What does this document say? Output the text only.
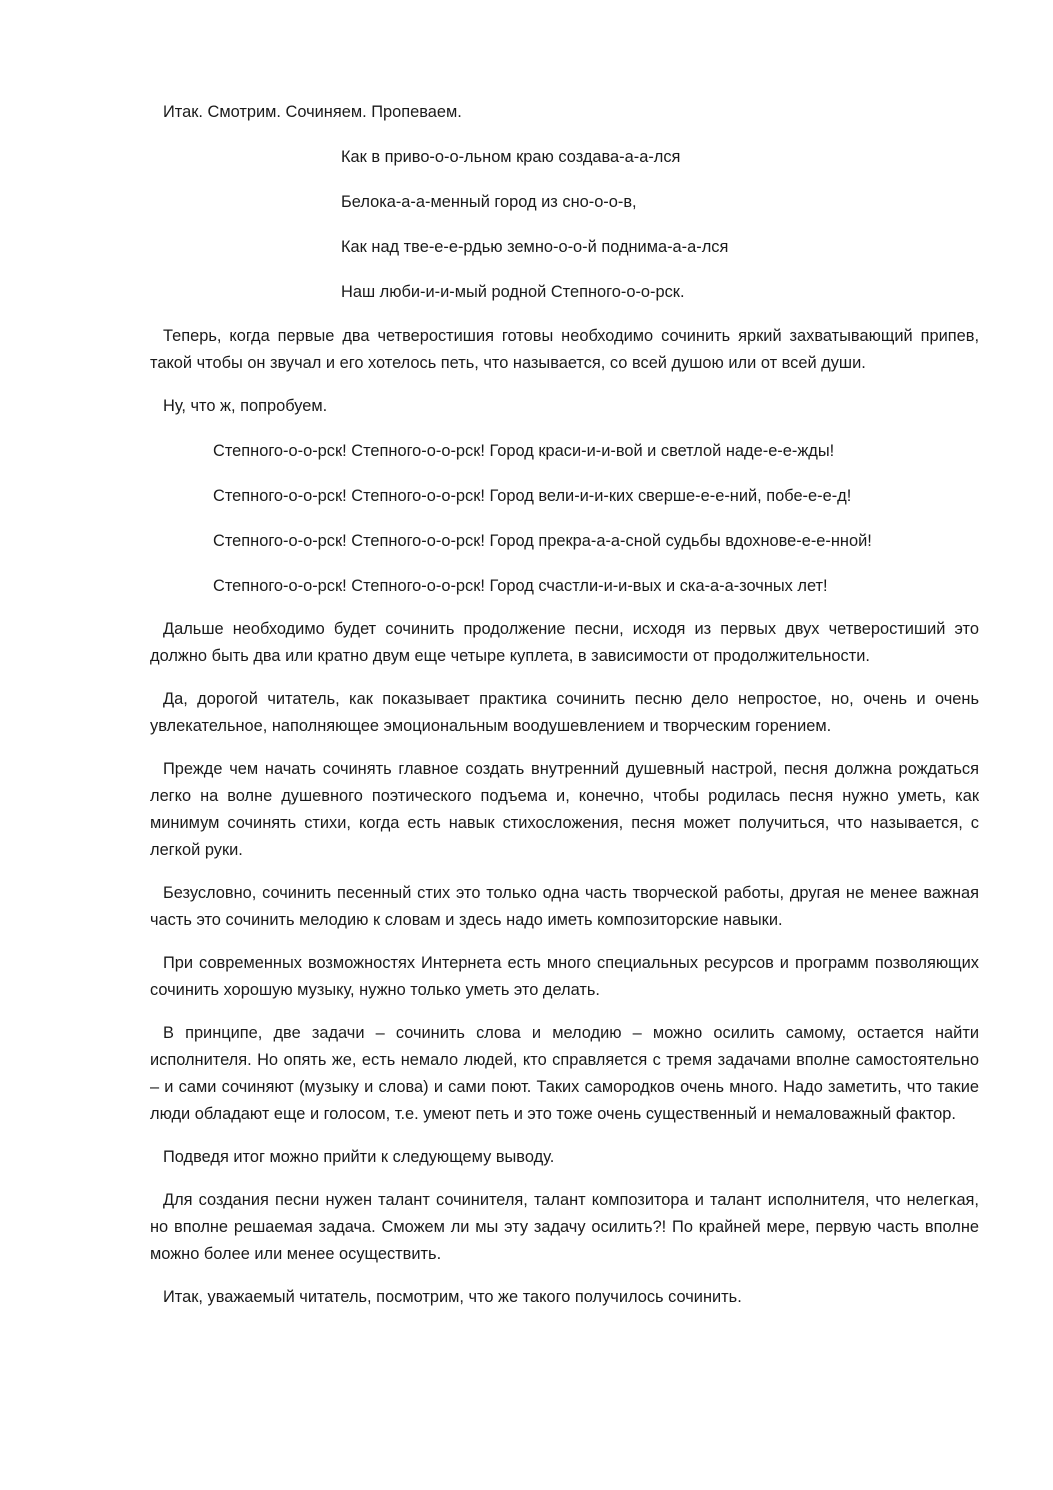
Итак. Смотрим. Сочиняем. Пропеваем.

Как в приво-о-о-льном краю создава-а-а-лся
Белока-а-а-менный город из сно-о-о-в,
Как над тве-е-е-рдью земно-о-о-й поднима-а-а-лся
Наш люби-и-и-мый родной Степного-о-о-рск.

Теперь, когда первые два четверостишия готовы необходимо сочинить яркий захватывающий припев, такой чтобы он звучал и его хотелось петь, что называется, со всей душою или от всей души.

Ну, что ж, попробуем.

Степного-о-о-рск! Степного-о-о-рск! Город краси-и-и-вой и светлой наде-е-е-жды!
Степного-о-о-рск! Степного-о-о-рск! Город вели-и-и-ких сверше-е-е-ний, побе-е-е-д!
Степного-о-о-рск! Степного-о-о-рск! Город прекра-а-а-сной судьбы вдохнове-е-е-нной!
Степного-о-о-рск! Степного-о-о-рск! Город счастли-и-и-вых и ска-а-а-зочных лет!

Дальше необходимо будет сочинить продолжение песни, исходя из первых двух четверостиший это должно быть два или кратно двум еще четыре куплета, в зависимости от продолжительности.

Да, дорогой читатель, как показывает практика сочинить песню дело непростое, но, очень и очень увлекательное, наполняющее эмоциональным воодушевлением и творческим горением.

Прежде чем начать сочинять главное создать внутренний душевный настрой, песня должна рождаться легко на волне душевного поэтического подъема и, конечно, чтобы родилась песня нужно уметь, как минимум сочинять стихи, когда есть навык стихосложения, песня может получиться, что называется, с легкой руки.

Безусловно, сочинить песенный стих это только одна часть творческой работы, другая не менее важная часть это сочинить мелодию к словам и здесь надо иметь композиторские навыки.

При современных возможностях Интернета есть много специальных ресурсов и программ позволяющих сочинить хорошую музыку, нужно только уметь это делать.

В принципе, две задачи – сочинить слова и мелодию – можно осилить самому, остается найти исполнителя. Но опять же, есть немало людей, кто справляется с тремя задачами вполне самостоятельно – и сами сочиняют (музыку и слова) и сами поют. Таких самородков очень много. Надо заметить, что такие люди обладают еще и голосом, т.е. умеют петь и это тоже очень существенный и немаловажный фактор.

Подведя итог можно прийти к следующему выводу.

Для создания песни нужен талант сочинителя, талант композитора и талант исполнителя, что нелегкая, но вполне решаемая задача. Сможем ли мы эту задачу осилить?! По крайней мере, первую часть вполне можно более или менее осуществить.

Итак, уважаемый читатель, посмотрим, что же такого получилось сочинить.
